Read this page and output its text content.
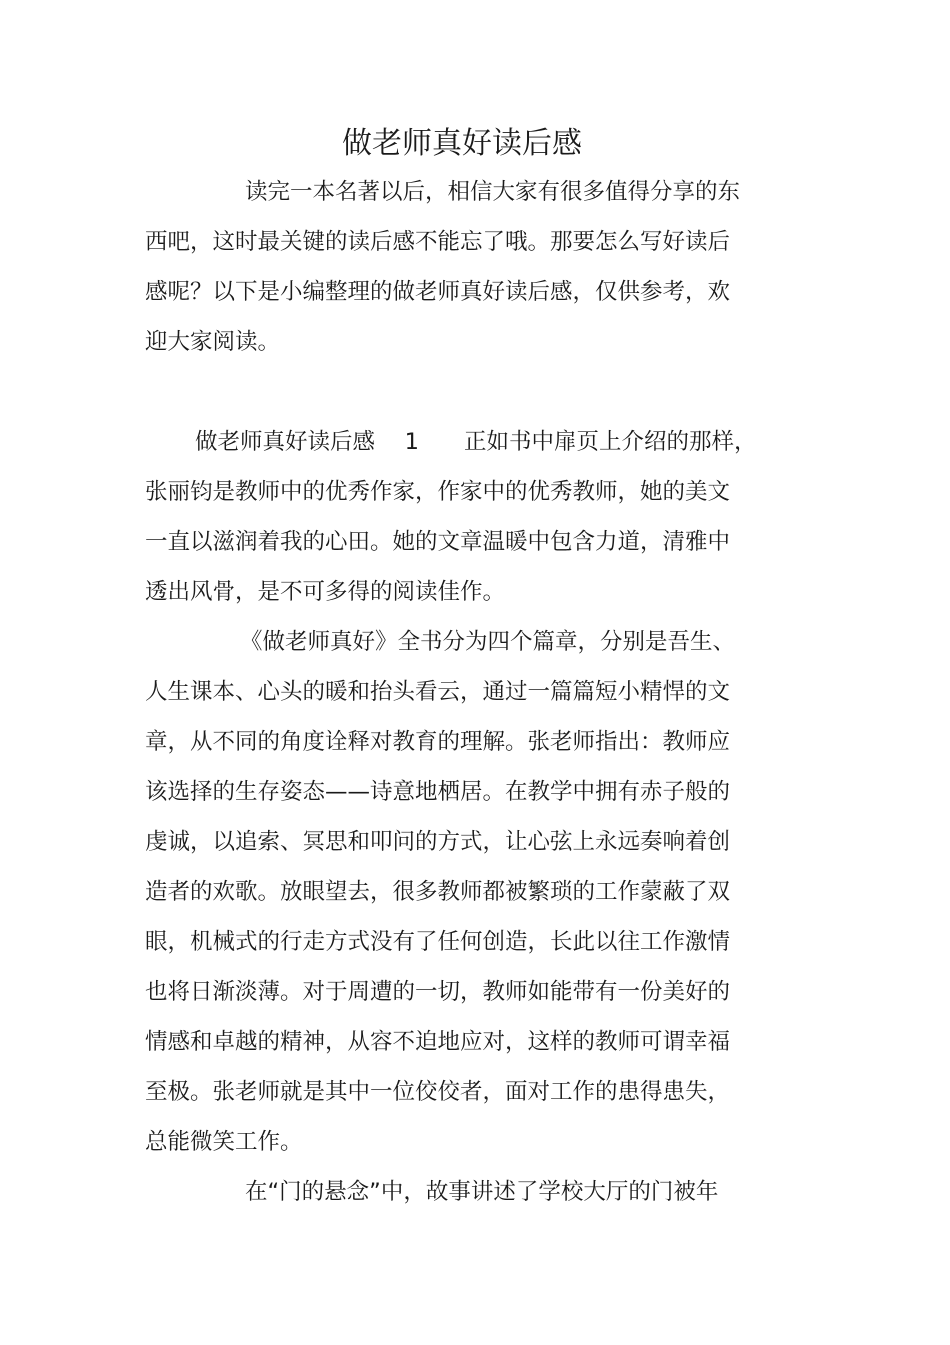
做老师真好读后感
读完一本名著以后，相信大家有很多值得分享的东
西吧，这时最关键的读后感不能忘了哦。那要怎么写好读后
感呢？以下是小编整理的做老师真好读后感，仅供参考，欢
迎大家阅读。
做老师真好读后感　 1　　正如书中扉页上介绍的那样，
张丽钧是教师中的优秀作家，作家中的优秀教师，她的美文
一直以滋润着我的心田。她的文章温暖中包含力道，清雅中
透出风骨，是不可多得的阅读佳作。
《做老师真好》全书分为四个篇章，分别是吾生、
人生课本、心头的暖和抬头看云，通过一篇篇短小精悍的文
章，从不同的角度诠释对教育的理解。张老师指出：教师应
该选择的生存姿态——诗意地栖居。在教学中拥有赤子般的
虔诚，以追索、冥思和叩问的方式，让心弦上永远奏响着创
造者的欢歌。放眼望去，很多教师都被繁琐的工作蒙蔽了双
眼，机械式的行走方式没有了任何创造，长此以往工作激情
也将日渐淡薄。对于周遭的一切，教师如能带有一份美好的
情感和卓越的精神，从容不迫地应对，这样的教师可谓幸福
至极。张老师就是其中一位佼佼者，面对工作的患得患失，
总能微笑工作。
在“门的悬念”中，故事讲述了学校大厅的门被年
